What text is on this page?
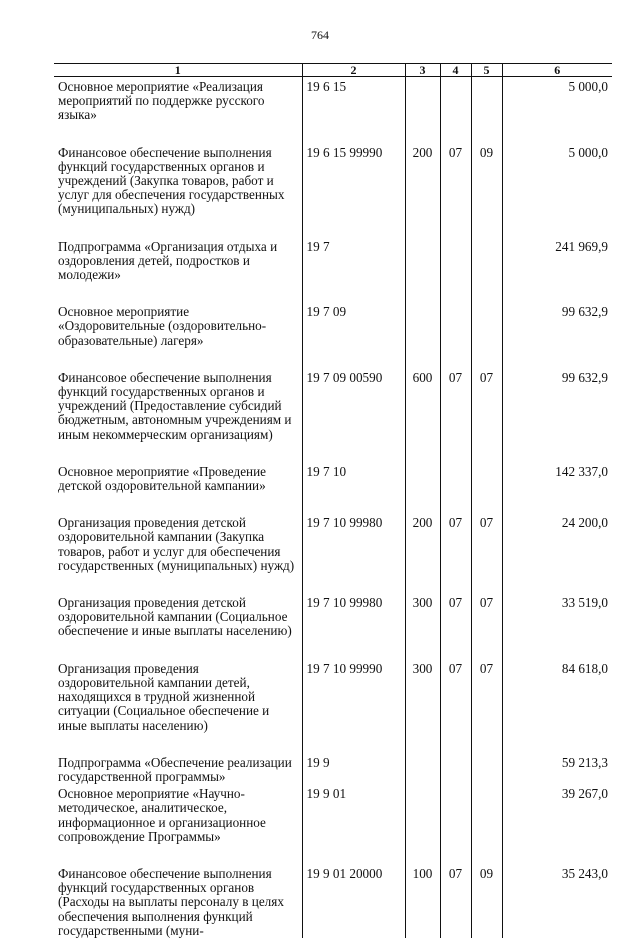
764
1	2	3	4	5	6
Основное мероприятие «Реализация мероприятий по поддержке русского языка»	19 6 15				5 000,0

Финансовое обеспечение выполнения функций государственных органов и учреждений (Закупка товаров, работ и услуг для обеспечения государственных (муниципальных) нужд)	19 6 15 99990	200	07	09	5 000,0

Подпрограмма «Организация отдыха и оздоровления детей, подростков и молодежи»	19 7				241 969,9

Основное мероприятие «Оздоровительные (оздоровительно-образовательные) лагеря»	19 7 09				99 632,9

Финансовое обеспечение выполнения функций государственных органов и учреждений (Предоставление субсидий бюджетным, автономным учреждениям и иным некоммерческим организациям)	19 7 09 00590	600	07	07	99 632,9

Основное мероприятие «Проведение детской оздоровительной кампании»	19 7 10				142 337,0

Организация проведения детской оздоровительной кампании (Закупка товаров, работ и услуг для обеспечения государственных (муниципальных) нужд)	19 7 10 99980	200	07	07	24 200,0

Организация проведения детской оздоровительной кампании (Социальное обеспечение и иные выплаты населению)	19 7 10 99980	300	07	07	33 519,0

Организация проведения оздоровительной кампании детей, находящихся в трудной жизненной ситуации (Социальное обеспечение и иные выплаты населению)	19 7 10 99990	300	07	07	84 618,0

Подпрограмма «Обеспечение реализации государственной программы»	19 9				59 213,3
Основное мероприятие «Научно-методическое, аналитическое, информационное и организационное сопровождение Программы»	19 9 01				39 267,0

Финансовое обеспечение выполнения функций государственных органов (Расходы на выплаты персоналу в целях обеспечения выполнения функций государственными (муни-	19 9 01 20000	100	07	09	35 243,0
